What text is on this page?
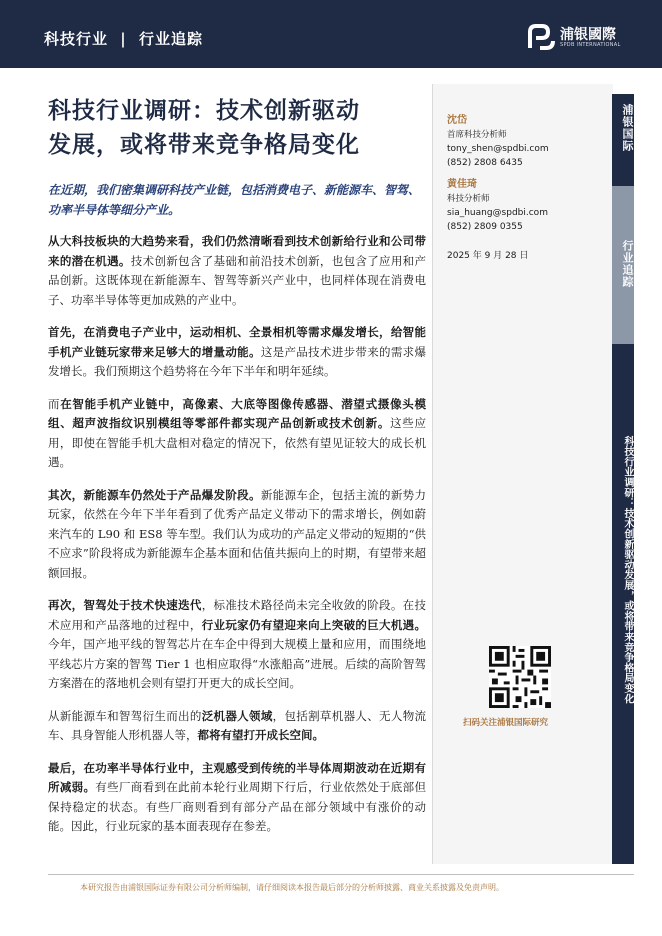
科技行业 | 行业追踪	浦银國際
SPDB INTERNATIONAL
科技行业调研：技术创新驱动
发展，或将带来竞争格局变化
在近期，我们密集调研科技产业链，包括消费电子、新能源车、智驾、功率半导体等细分产业。

从大科技板块的大趋势来看，我们仍然清晰看到技术创新给行业和公司带来的潜在机遇。技术创新包含了基础和前沿技术创新，也包含了应用和产品创新。这既体现在新能源车、智驾等新兴产业中，也同样体现在消费电子、功率半导体等更加成熟的产业中。

首先，在消费电子产业中，运动相机、全景相机等需求爆发增长，给智能手机产业链玩家带来足够大的增量动能。这是产品技术进步带来的需求爆发增长。我们预期这个趋势将在今年下半年和明年延续。

而在智能手机产业链中，高像素、大底等图像传感器、潜望式摄像头模组、超声波指纹识别模组等零部件都实现产品创新或技术创新。这些应用，即使在智能手机大盘相对稳定的情况下，依然有望见证较大的成长机遇。

其次，新能源车仍然处于产品爆发阶段。新能源车企，包括主流的新势力玩家，依然在今年下半年看到了优秀产品定义带动下的需求增长，例如蔚来汽车的 L90 和 ES8 等车型。我们认为成功的产品定义带动的短期的“供不应求”阶段将成为新能源车企基本面和估值共振向上的时期，有望带来超额回报。

再次，智驾处于技术快速迭代，标准技术路径尚未完全收敛的阶段。在技术应用和产品落地的过程中，行业玩家仍有望迎来向上突破的巨大机遇。今年，国产地平线的智驾芯片在车企中得到大规模上量和应用，而围绕地平线芯片方案的智驾 Tier 1 也相应取得“水涨船高”进展。后续的高阶智驾方案潜在的落地机会则有望打开更大的成长空间。

从新能源车和智驾衍生而出的泛机器人领域，包括割草机器人、无人物流车、具身智能人形机器人等，都将有望打开成长空间。

最后，在功率半导体行业中，主观感受到传统的半导体周期波动在近期有所减弱。有些厂商看到在此前本轮行业周期下行后，行业依然处于底部但保持稳定的状态。有些厂商则看到有部分产品在部分领域中有涨价的动能。因此，行业玩家的基本面表现存在参差。

沈岱
首席科技分析师
tony_shen@spdbi.com
(852) 2808 6435
黄佳琦
科技分析师
sia_huang@spdbi.com
(852) 2809 0355
2025 年 9 月 28 日
扫码关注浦银国际研究
浦银国际
行业追踪
科技行业调研：技术创新驱动发展，或将带来竞争格局变化
本研究报告由浦银国际证券有限公司分析师编制，请仔细阅读本报告最后部分的分析师披露、商业关系披露及免责声明。
